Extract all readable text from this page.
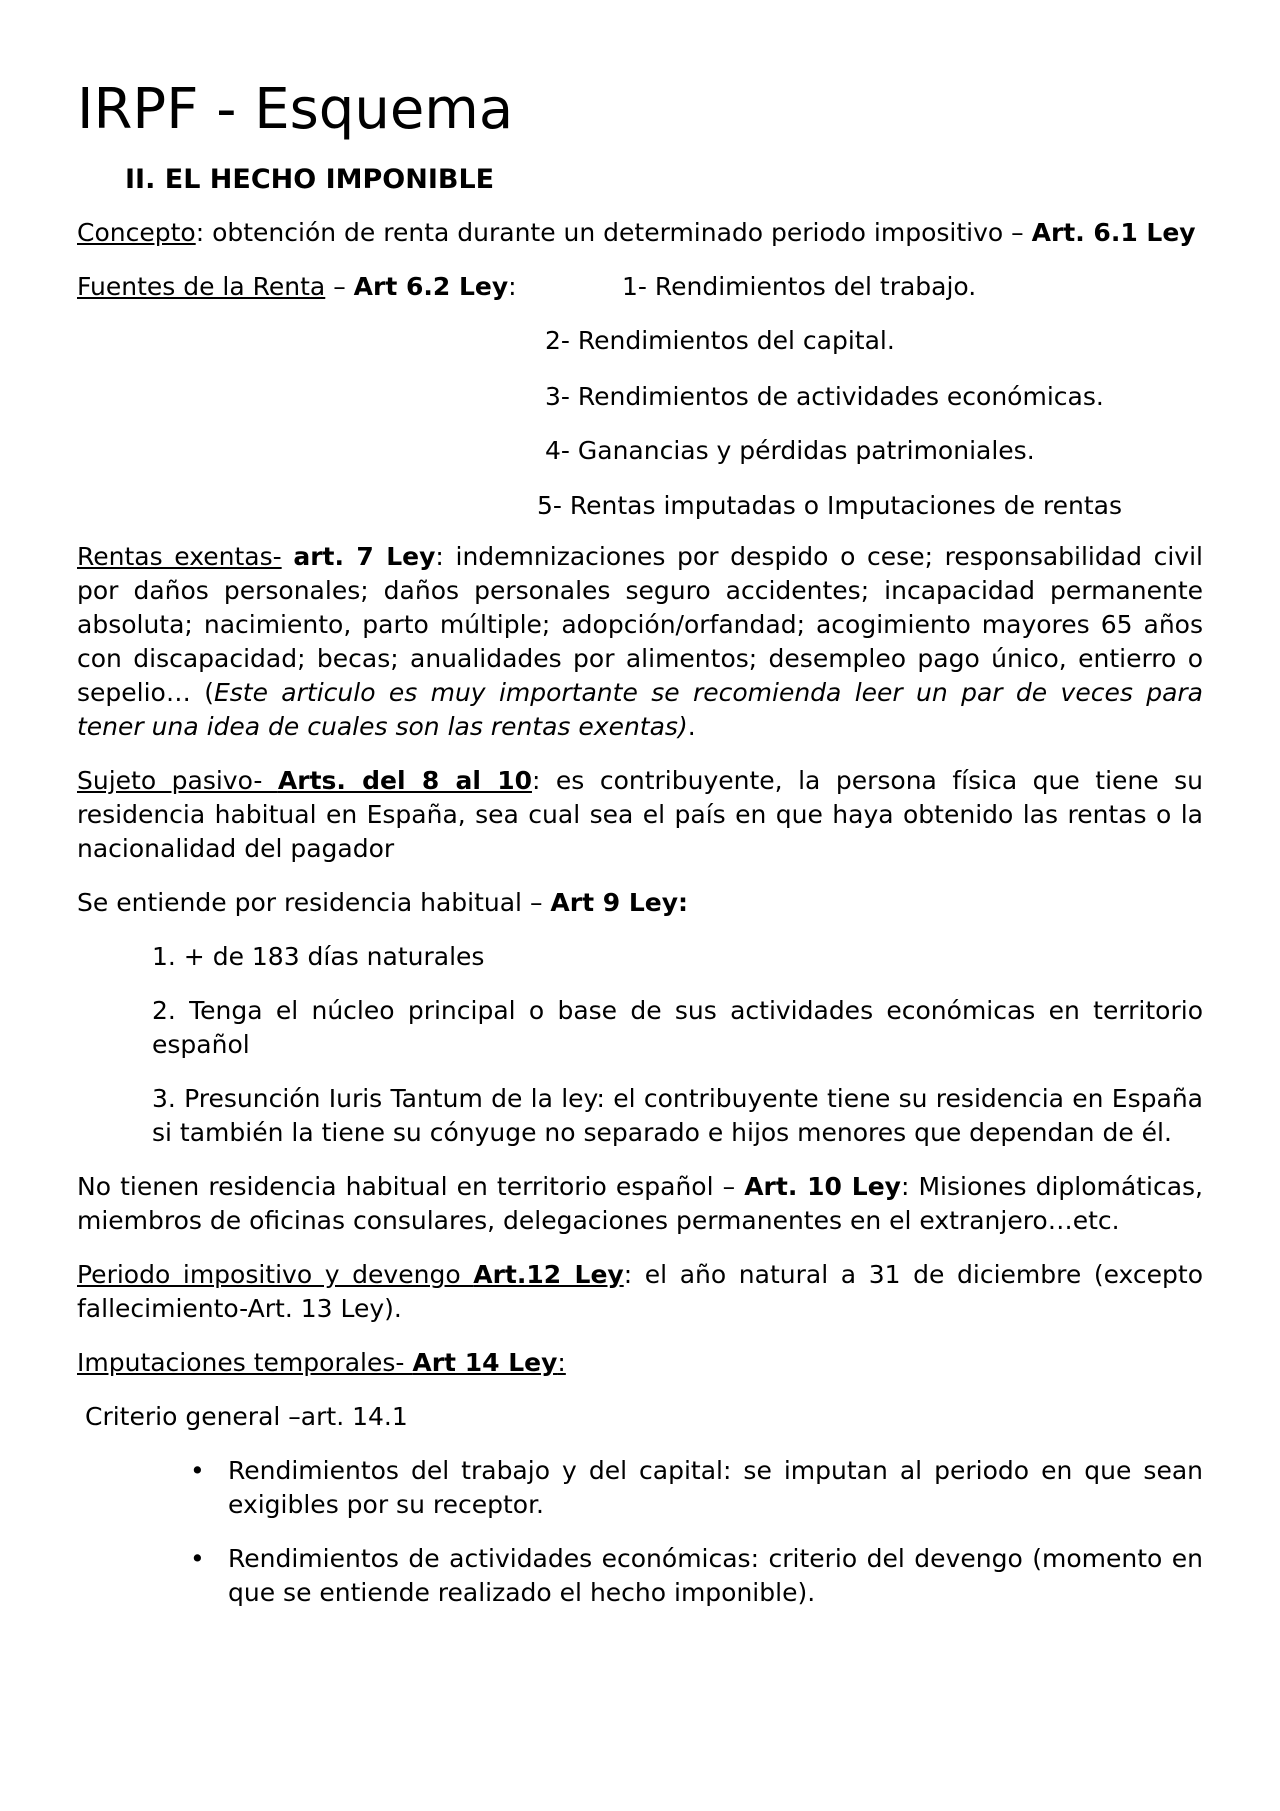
IRPF - Esquema
II. EL HECHO IMPONIBLE

Concepto: obtención de renta durante un determinado periodo impositivo – Art. 6.1 Ley

Fuentes de la Renta – Art 6.2 Ley:	1- Rendimientos del trabajo.
2- Rendimientos del capital.
3- Rendimientos de actividades económicas.
4- Ganancias y pérdidas patrimoniales.
5- Rentas imputadas o Imputaciones de rentas

Rentas exentas- art. 7 Ley: indemnizaciones por despido o cese; responsabilidad civil por daños personales; daños personales seguro accidentes; incapacidad permanente absoluta; nacimiento, parto múltiple; adopción/orfandad; acogimiento mayores 65 años con discapacidad; becas; anualidades por alimentos; desempleo pago único, entierro o sepelio… (Este articulo es muy importante se recomienda leer un par de veces para tener una idea de cuales son las rentas exentas).

Sujeto pasivo- Arts. del 8 al 10: es contribuyente, la persona física que tiene su residencia habitual en España, sea cual sea el país en que haya obtenido las rentas o la nacionalidad del pagador

Se entiende por residencia habitual – Art 9 Ley:

1. + de 183 días naturales
2. Tenga el núcleo principal o base de sus actividades económicas en territorio español
3. Presunción Iuris Tantum de la ley: el contribuyente tiene su residencia en España si también la tiene su cónyuge no separado e hijos menores que dependan de él.

No tienen residencia habitual en territorio español – Art. 10 Ley: Misiones diplomáticas, miembros de oficinas consulares, delegaciones permanentes en el extranjero…etc.

Periodo impositivo y devengo Art.12 Ley: el año natural a 31 de diciembre (excepto fallecimiento-Art. 13 Ley).

Imputaciones temporales- Art 14 Ley:

Criterio general –art. 14.1

• Rendimientos del trabajo y del capital: se imputan al periodo en que sean exigibles por su receptor.
• Rendimientos de actividades económicas: criterio del devengo (momento en que se entiende realizado el hecho imponible).
